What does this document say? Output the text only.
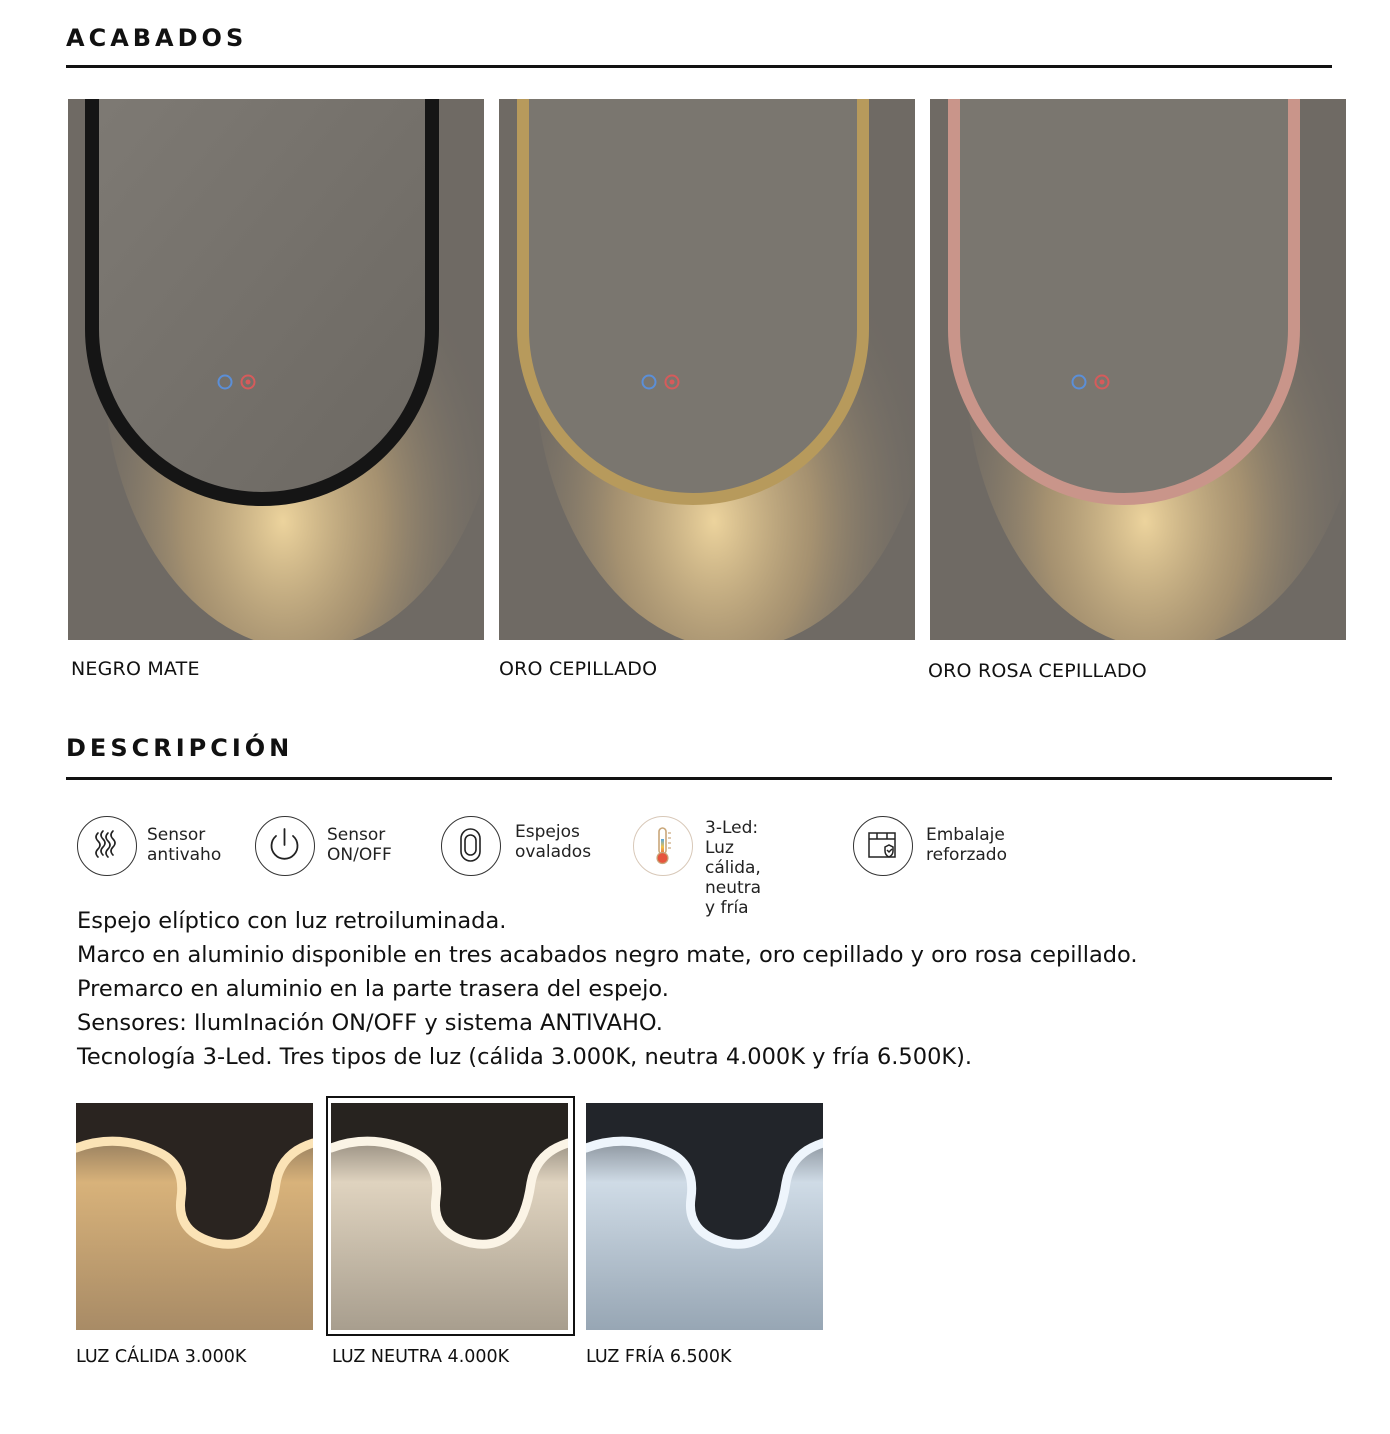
ACABADOS
NEGRO MATE	ORO CEPILLADO	ORO ROSA CEPILLADO
DESCRIPCIÓN
Sensor
antivaho
Sensor
ON/OFF
Espejos
ovalados
3-Led: Luz
cálida, neutra
y fría
Embalaje
reforzado

Espejo elíptico con luz retroiluminada.

Marco en aluminio disponible en tres acabados negro mate, oro cepillado y oro rosa cepillado.

Premarco en aluminio en la parte trasera del espejo.

Sensores: IlumInación ON/OFF y sistema ANTIVAHO.

Tecnología 3-Led. Tres tipos de luz (cálida 3.000K, neutra 4.000K y fría 6.500K).

LUZ CÁLIDA 3.000K	LUZ NEUTRA 4.000K	LUZ FRÍA 6.500K
